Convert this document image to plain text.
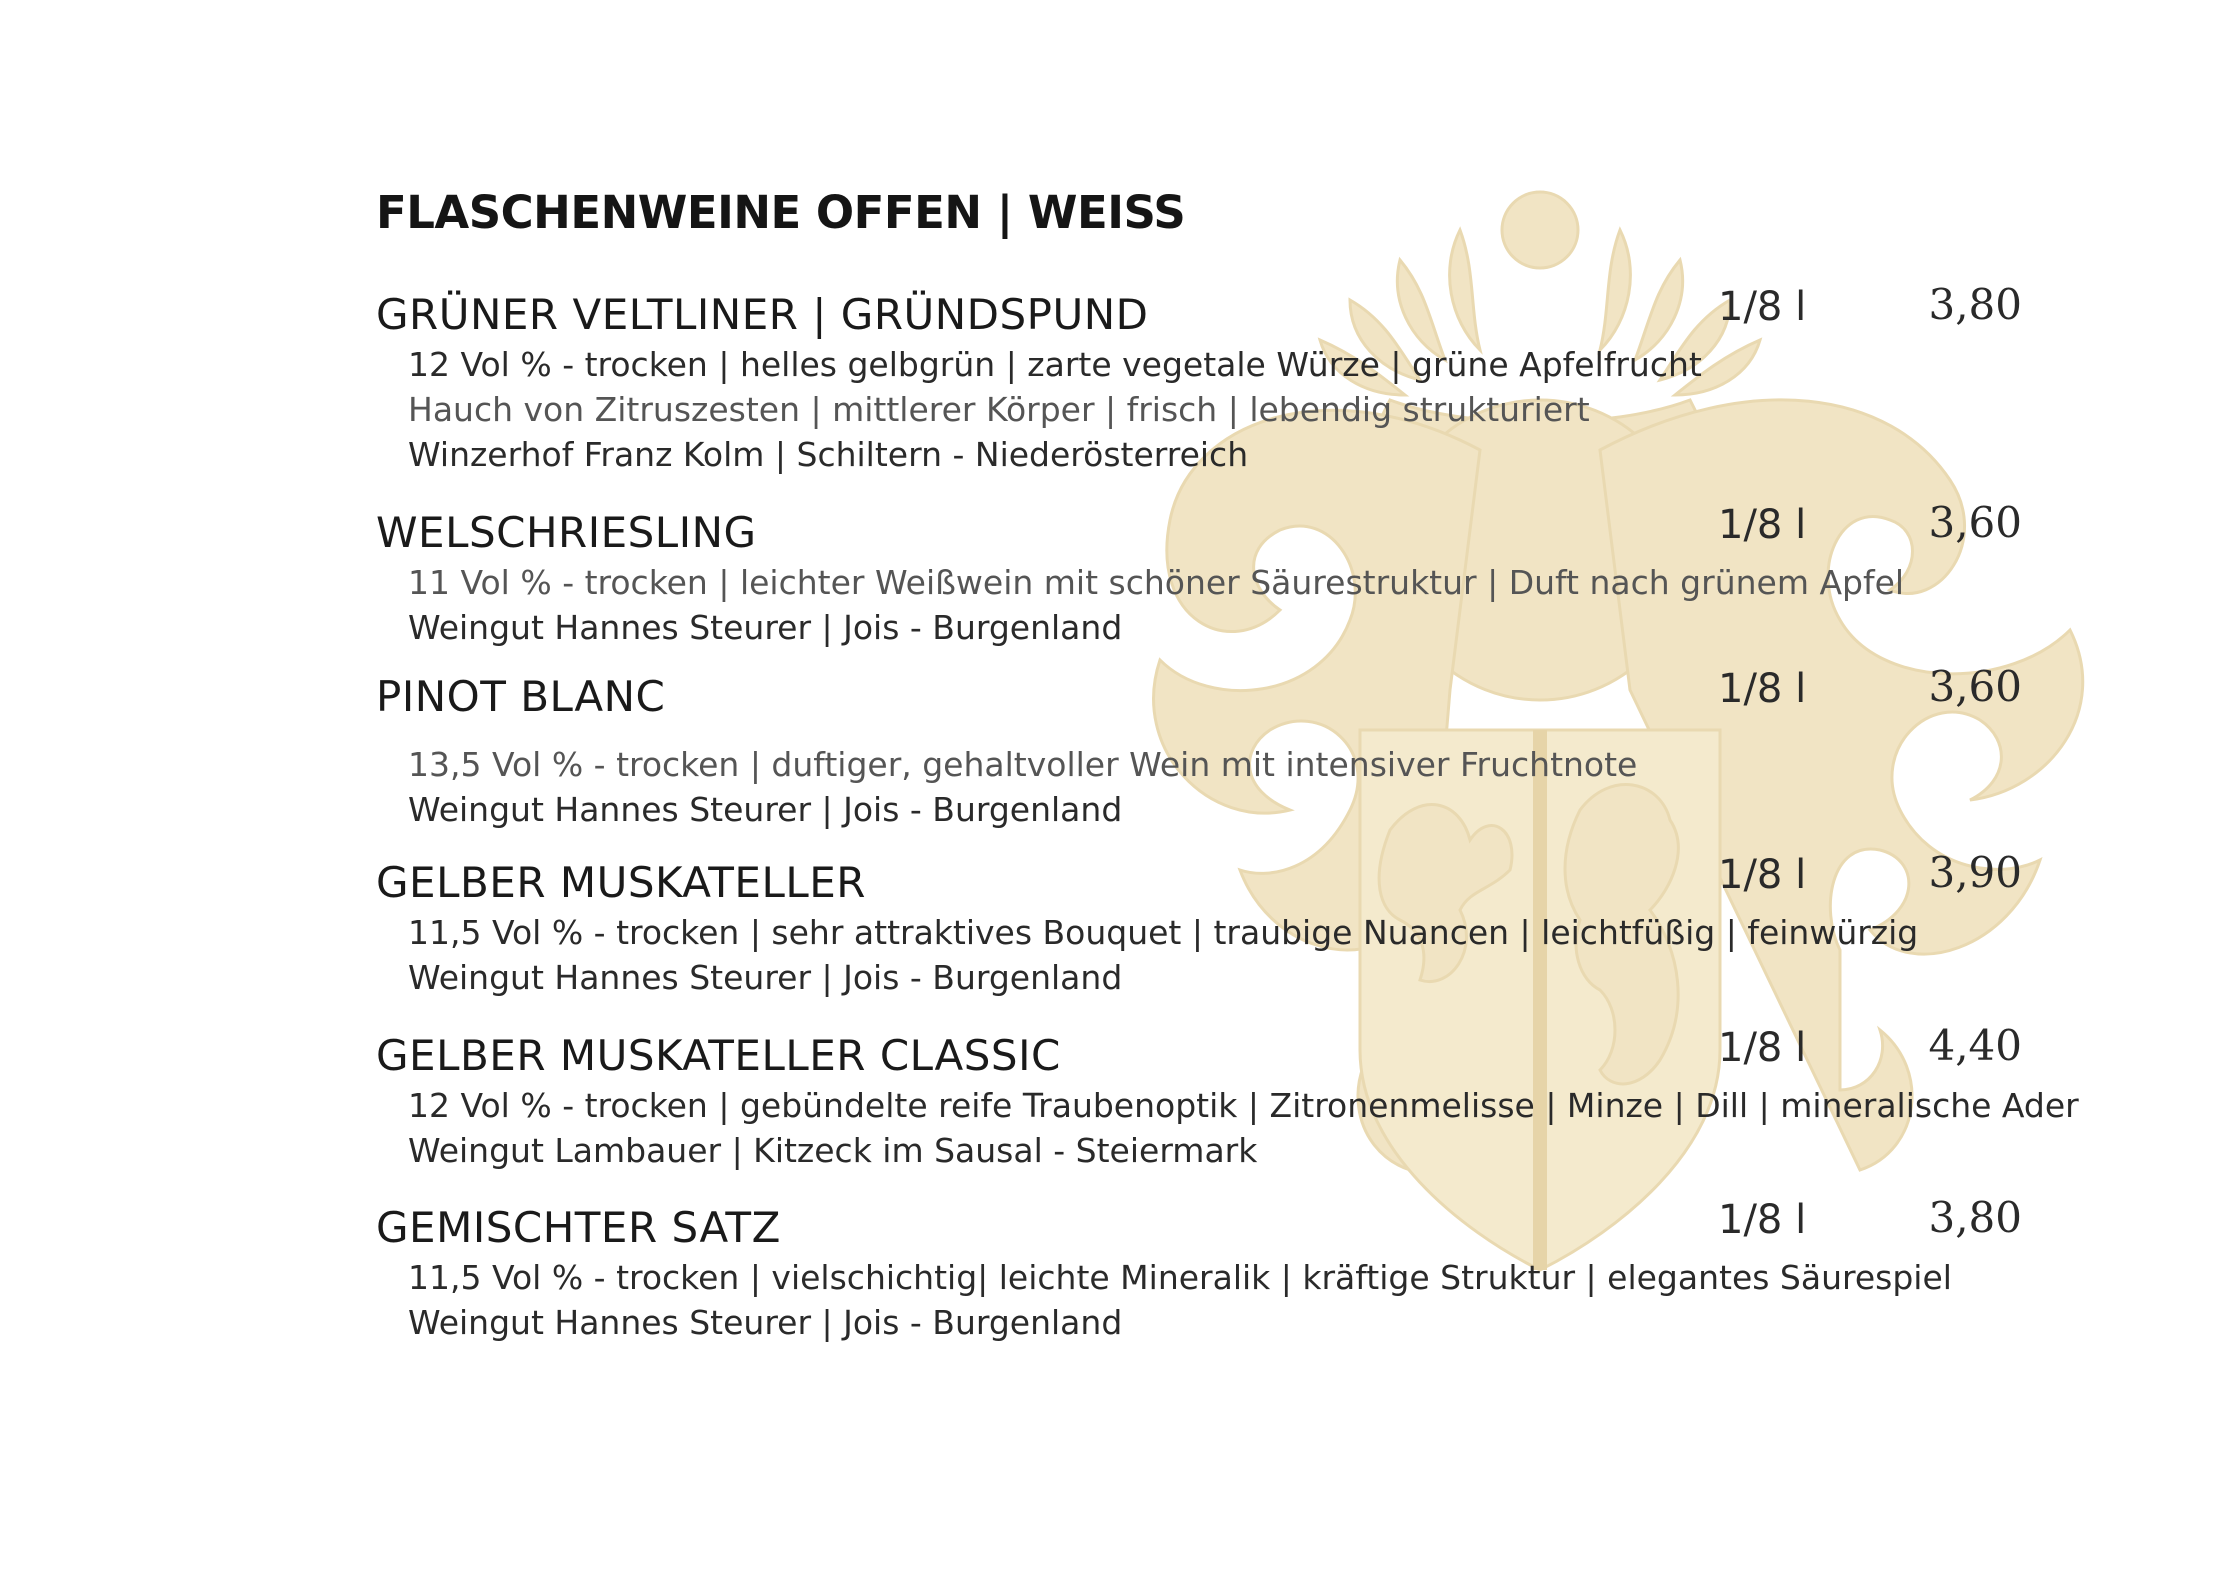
FLASCHENWEINE OFFEN | WEISS
GRÜNER VELTLINER | GRÜNDSPUND	1/8 l	3,80
12 Vol % - trocken | helles gelbgrün | zarte vegetale Würze | grüne Apfelfrucht
Hauch von Zitruszesten | mittlerer Körper | frisch | lebendig strukturiert
Winzerhof Franz Kolm | Schiltern - Niederösterreich
WELSCHRIESLING	1/8 l	3,60
11 Vol % - trocken | leichter Weißwein mit schöner Säurestruktur | Duft nach grünem Apfel
Weingut Hannes Steurer | Jois - Burgenland
PINOT BLANC	1/8 l	3,60
13,5 Vol % - trocken | duftiger, gehaltvoller Wein mit intensiver Fruchtnote
Weingut Hannes Steurer | Jois - Burgenland
GELBER MUSKATELLER	1/8 l	3,90
11,5 Vol % - trocken | sehr attraktives Bouquet | traubige Nuancen | leichtfüßig | feinwürzig
Weingut Hannes Steurer | Jois - Burgenland
GELBER MUSKATELLER CLASSIC	1/8 l	4,40
12 Vol % - trocken | gebündelte reife Traubenoptik | Zitronenmelisse | Minze | Dill | mineralische Ader
Weingut Lambauer | Kitzeck im Sausal - Steiermark
GEMISCHTER SATZ	1/8 l	3,80
11,5 Vol % - trocken | vielschichtig| leichte Mineralik | kräftige Struktur | elegantes Säurespiel
Weingut Hannes Steurer | Jois - Burgenland
